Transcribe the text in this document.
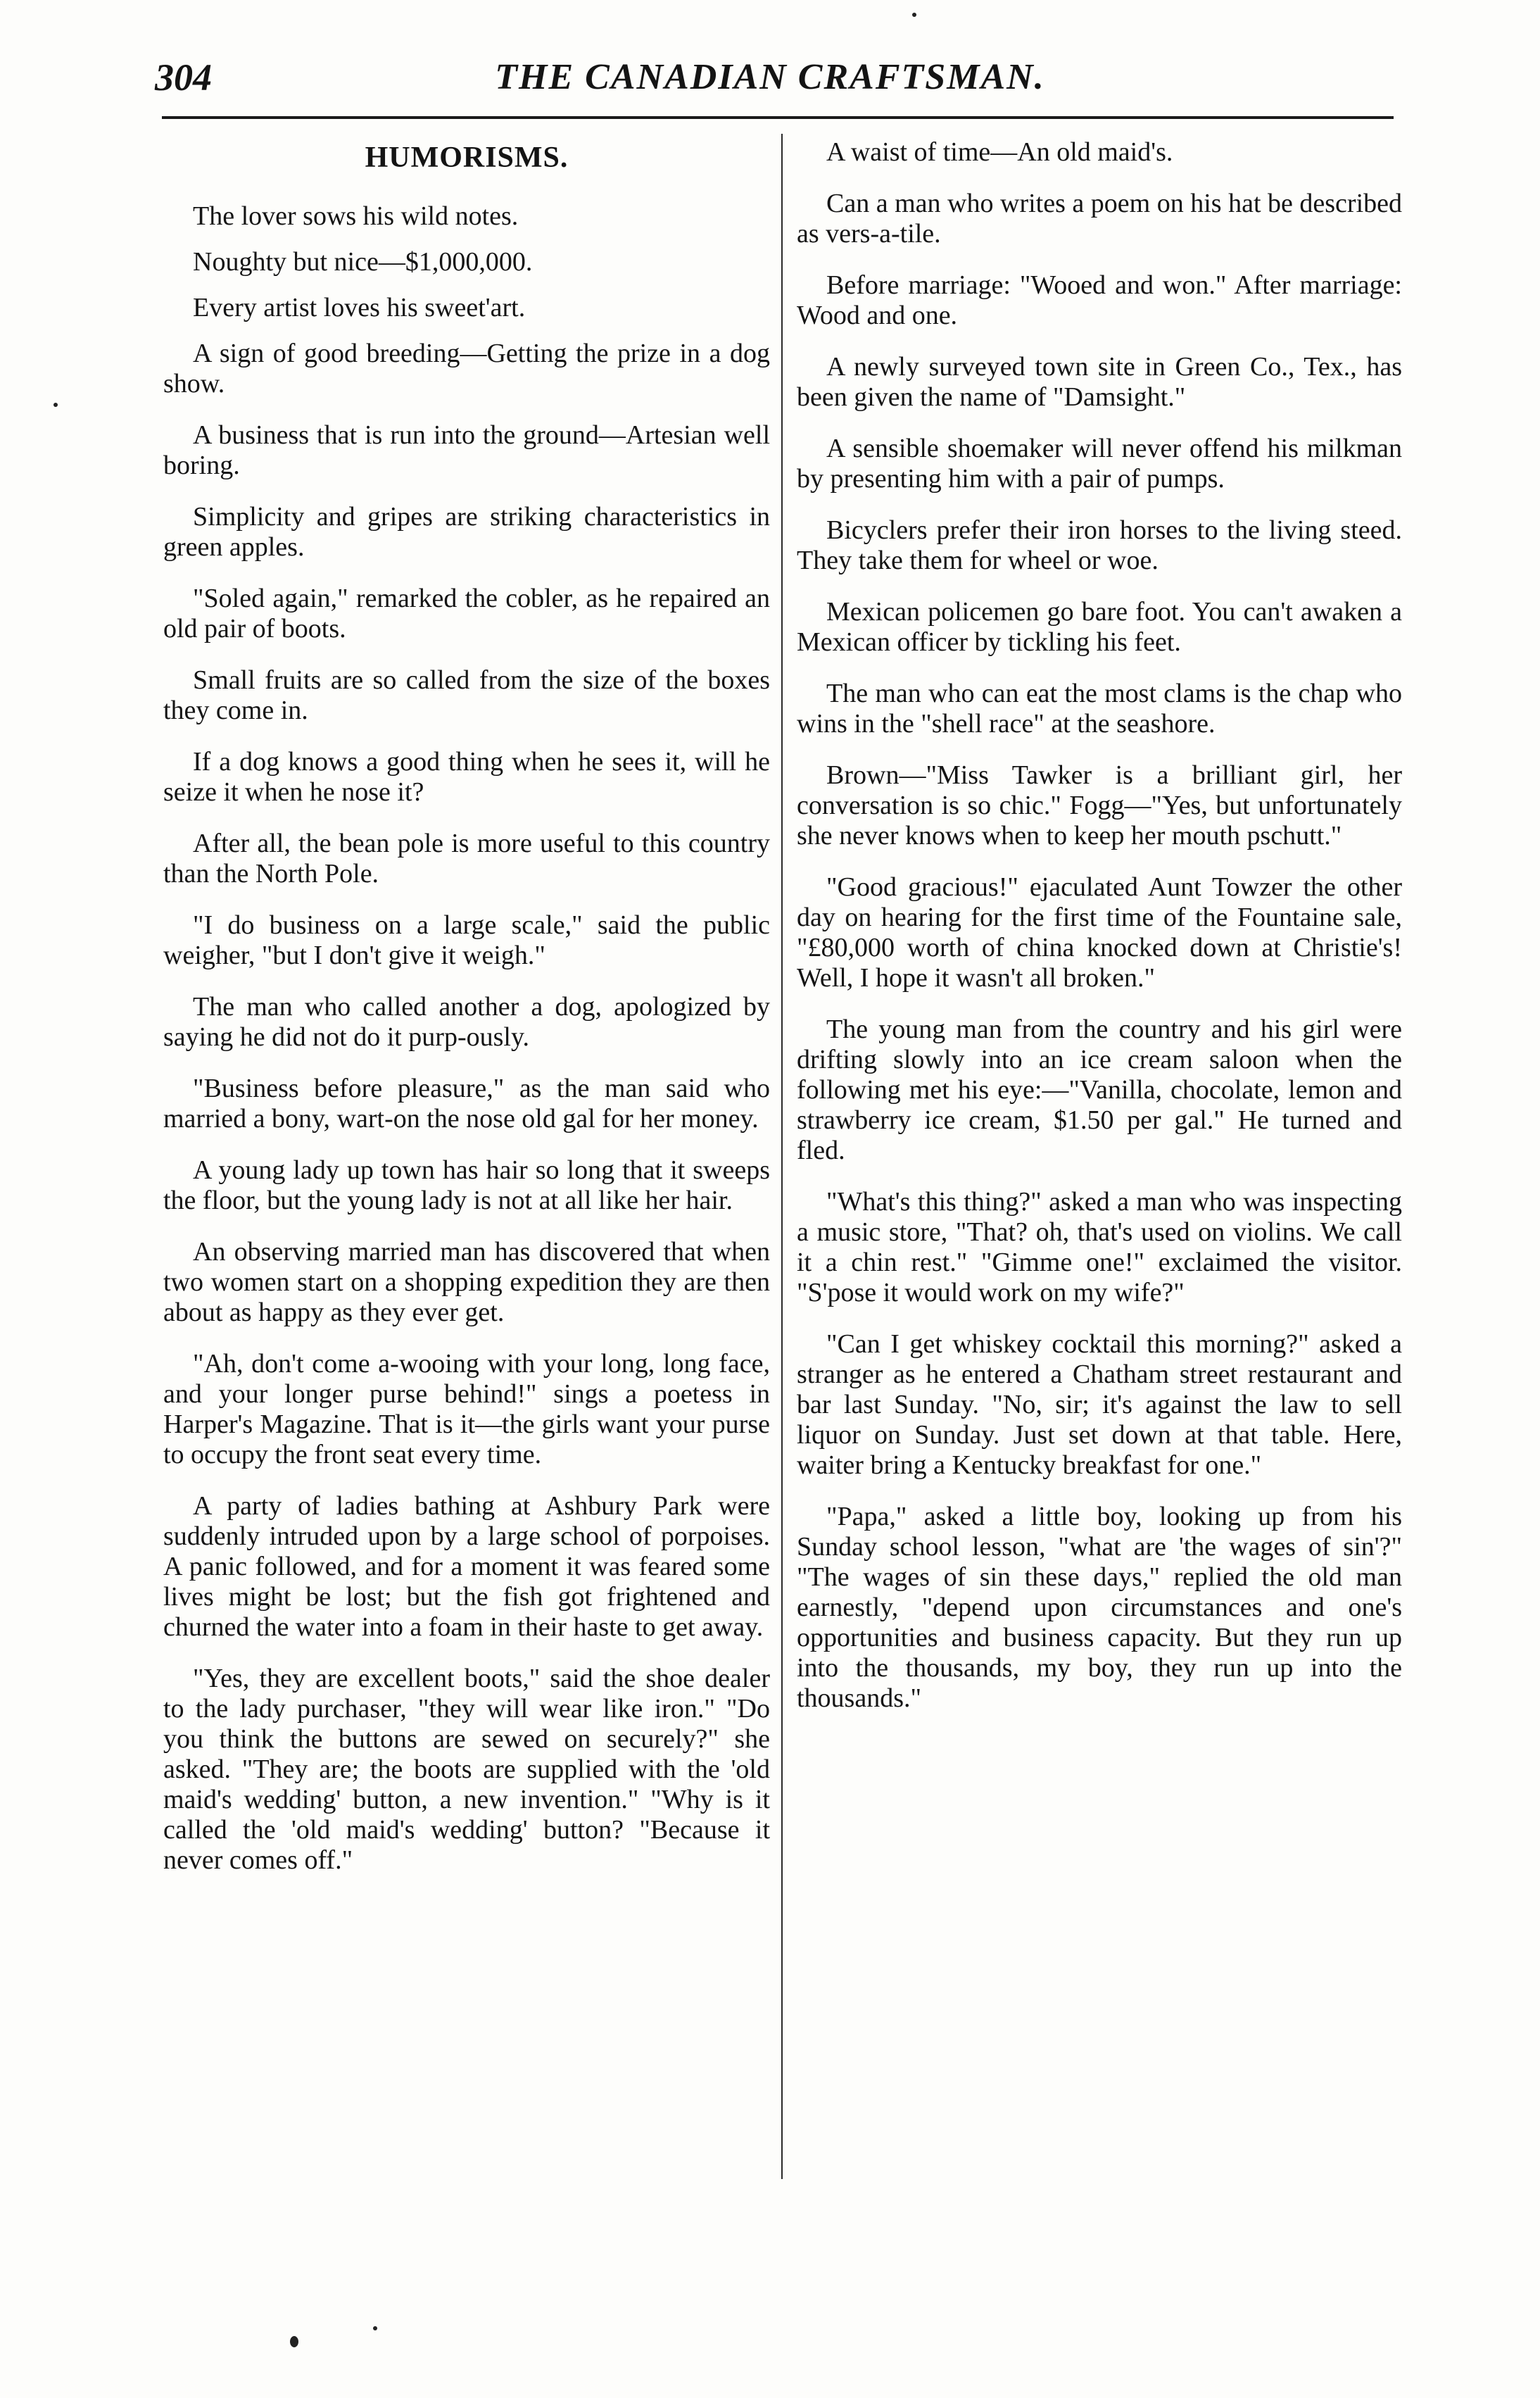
304	THE CANADIAN CRAFTSMAN.
HUMORISMS.

The lover sows his wild notes.

Noughty but nice—$1,000,000.

Every artist loves his sweet'art.

A sign of good breeding—Getting the prize in a dog show.

A business that is run into the ground—Artesian well boring.

Simplicity and gripes are striking characteristics in green apples.

"Soled again," remarked the cobler, as he repaired an old pair of boots.

Small fruits are so called from the size of the boxes they come in.

If a dog knows a good thing when he sees it, will he seize it when he nose it?

After all, the bean pole is more useful to this country than the North Pole.

"I do business on a large scale," said the public weigher, "but I don't give it weigh."

The man who called another a dog, apologized by saying he did not do it purp-ously.

"Business before pleasure," as the man said who married a bony, wart-on the nose old gal for her money.

A young lady up town has hair so long that it sweeps the floor, but the young lady is not at all like her hair.

An observing married man has discovered that when two women start on a shopping expedition they are then about as happy as they ever get.

"Ah, don't come a-wooing with your long, long face, and your longer purse behind!" sings a poetess in Harper's Magazine. That is it—the girls want your purse to occupy the front seat every time.

A party of ladies bathing at Ashbury Park were suddenly intruded upon by a large school of porpoises. A panic followed, and for a moment it was feared some lives might be lost; but the fish got frightened and churned the water into a foam in their haste to get away.

"Yes, they are excellent boots," said the shoe dealer to the lady purchaser, "they will wear like iron." "Do you think the buttons are sewed on securely?" she asked. "They are; the boots are supplied with the 'old maid's wedding' button, a new invention." "Why is it called the 'old maid's wedding' button? "Because it never comes off."

A waist of time—An old maid's.

Can a man who writes a poem on his hat be described as vers-a-tile.

Before marriage: "Wooed and won." After marriage: Wood and one.

A newly surveyed town site in Green Co., Tex., has been given the name of "Damsight."

A sensible shoemaker will never offend his milkman by presenting him with a pair of pumps.

Bicyclers prefer their iron horses to the living steed. They take them for wheel or woe.

Mexican policemen go bare foot. You can't awaken a Mexican officer by tickling his feet.

The man who can eat the most clams is the chap who wins in the "shell race" at the seashore.

Brown—"Miss Tawker is a brilliant girl, her conversation is so chic." Fogg—"Yes, but unfortunately she never knows when to keep her mouth pschutt."

"Good gracious!" ejaculated Aunt Towzer the other day on hearing for the first time of the Fountaine sale, "£80,000 worth of china knocked down at Christie's! Well, I hope it wasn't all broken."

The young man from the country and his girl were drifting slowly into an ice cream saloon when the following met his eye:—"Vanilla, chocolate, lemon and strawberry ice cream, $1.50 per gal." He turned and fled.

"What's this thing?" asked a man who was inspecting a music store, "That? oh, that's used on violins. We call it a chin rest." "Gimme one!" exclaimed the visitor. "S'pose it would work on my wife?"

"Can I get whiskey cocktail this morning?" asked a stranger as he entered a Chatham street restaurant and bar last Sunday. "No, sir; it's against the law to sell liquor on Sunday. Just set down at that table. Here, waiter bring a Kentucky breakfast for one."

"Papa," asked a little boy, looking up from his Sunday school lesson, "what are 'the wages of sin'?" "The wages of sin these days," replied the old man earnestly, "depend upon circumstances and one's opportunities and business capacity. But they run up into the thousands, my boy, they run up into the thousands."
